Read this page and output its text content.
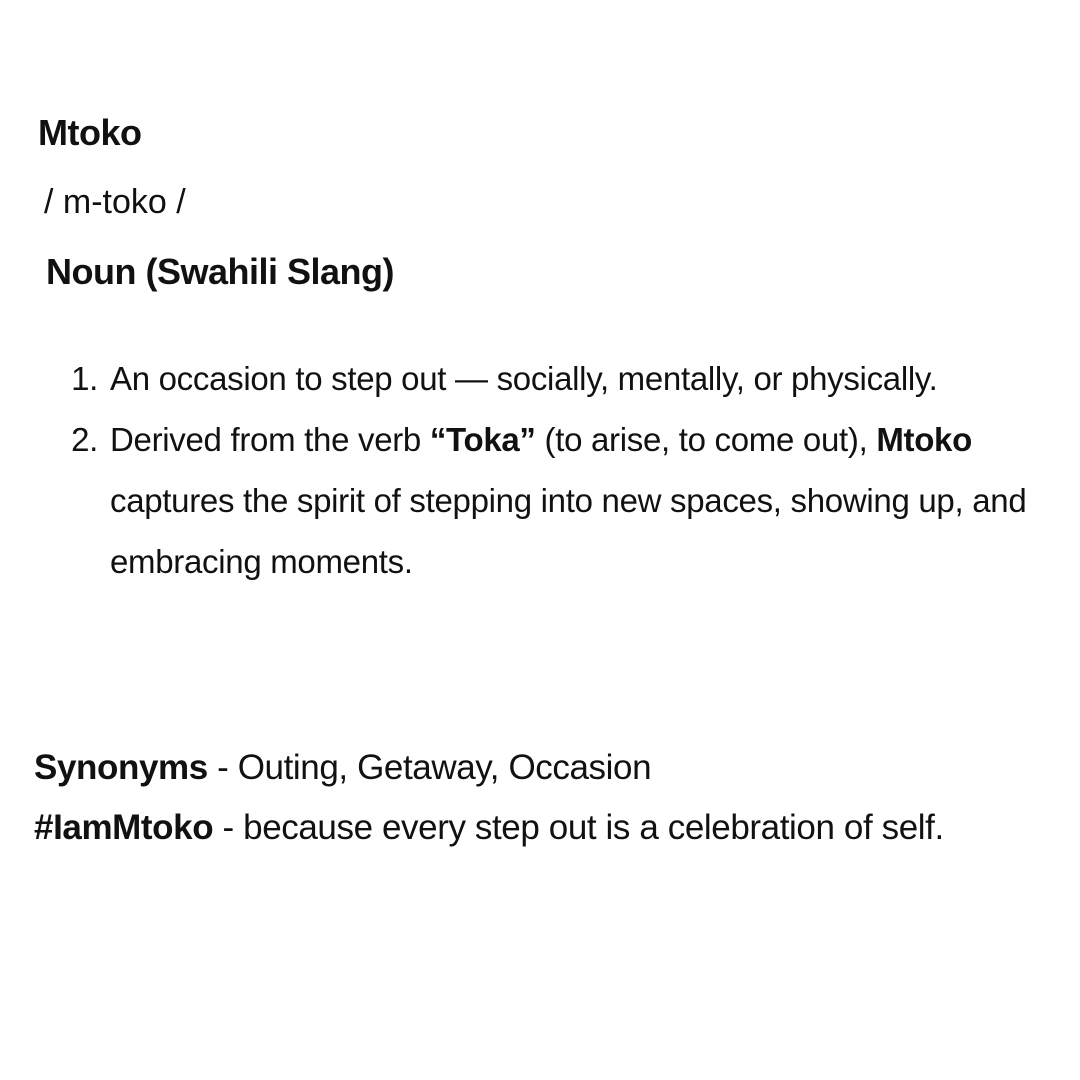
Mtoko

/ m-toko /

Noun (Swahili Slang)
1. An occasion to step out — socially, mentally, or physically.
2. Derived from the verb “Toka” (to arise, to come out), Mtoko captures the spirit of stepping into new spaces, showing up, and embracing moments.

Synonyms - Outing, Getaway, Occasion

#IamMtoko - because every step out is a celebration of self.
